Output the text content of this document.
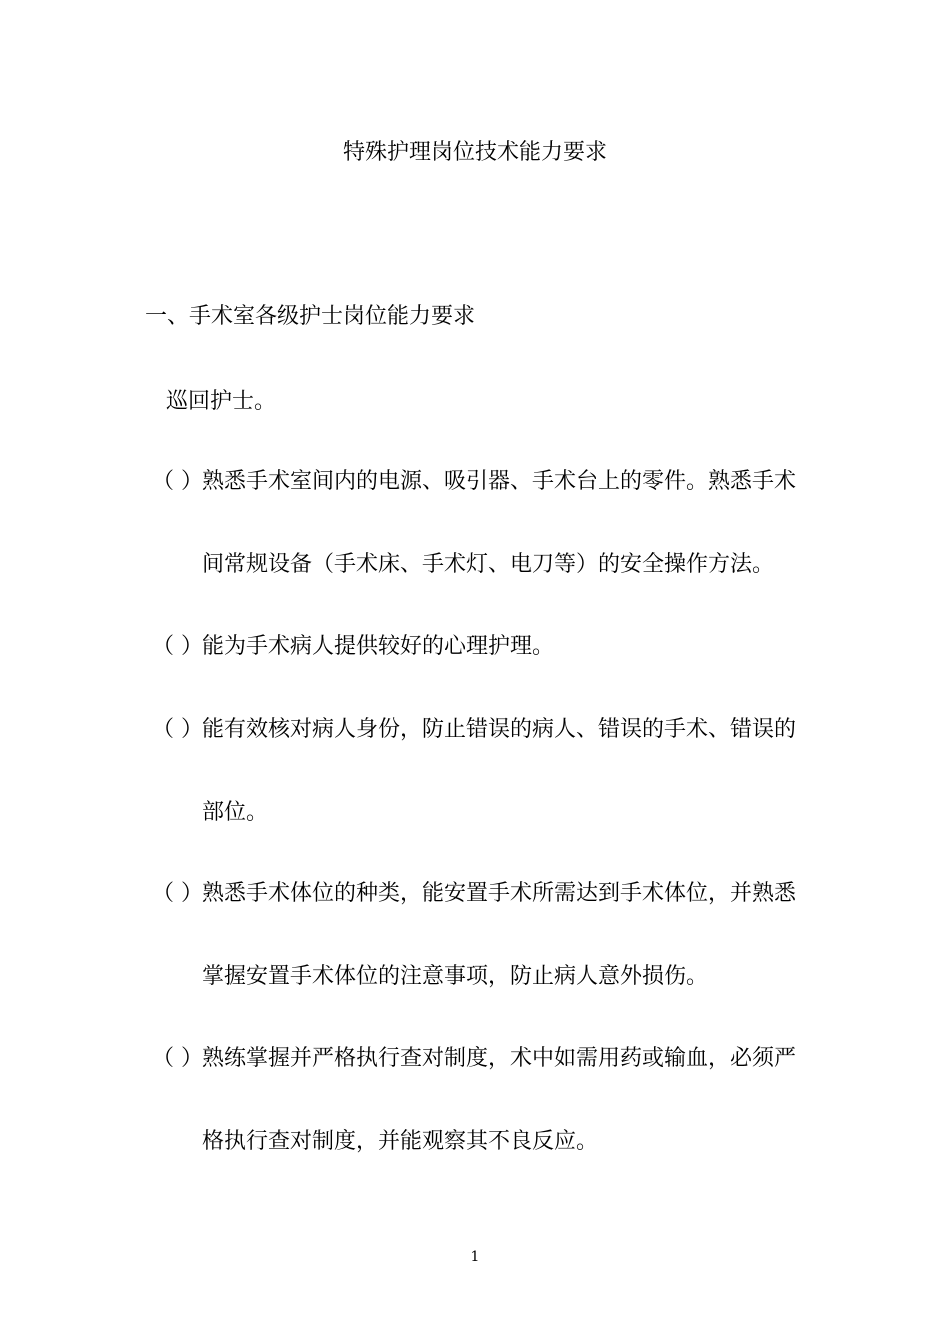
特殊护理岗位技术能力要求
一、手术室各级护士岗位能力要求
巡回护士。
（ ） 熟悉手术室间内的电源、吸引器、手术台上的零件。熟悉手术
间常规设备（手术床、手术灯、电刀等）的安全操作方法。
（ ） 能为手术病人提供较好的心理护理。
（ ） 能有效核对病人身份，防止错误的病人、错误的手术、错误的
部位。
（ ） 熟悉手术体位的种类，能安置手术所需达到手术体位，并熟悉
掌握安置手术体位的注意事项，防止病人意外损伤。
（ ） 熟练掌握并严格执行查对制度，术中如需用药或输血，必须严
格执行查对制度，并能观察其不良反应。
1
